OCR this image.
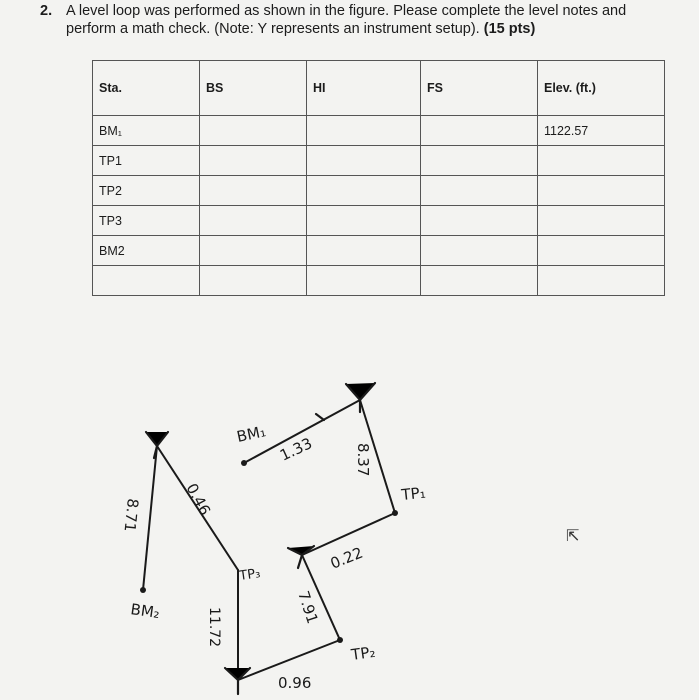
2. A level loop was performed as shown in the figure. Please complete the level notes and perform a math check. (Note: Y represents an instrument setup). (15 pts)
Sta.	BS	HI	FS	Elev. (ft.)
BM₁				1122.57
TP1				
TP2				
TP3				
BM2				

BM₁
BM₂
TP₁
TP₂
TP₃
1.33	8.37
0.22
7.91
0.96
11.72
0.46
8.71
⇱
